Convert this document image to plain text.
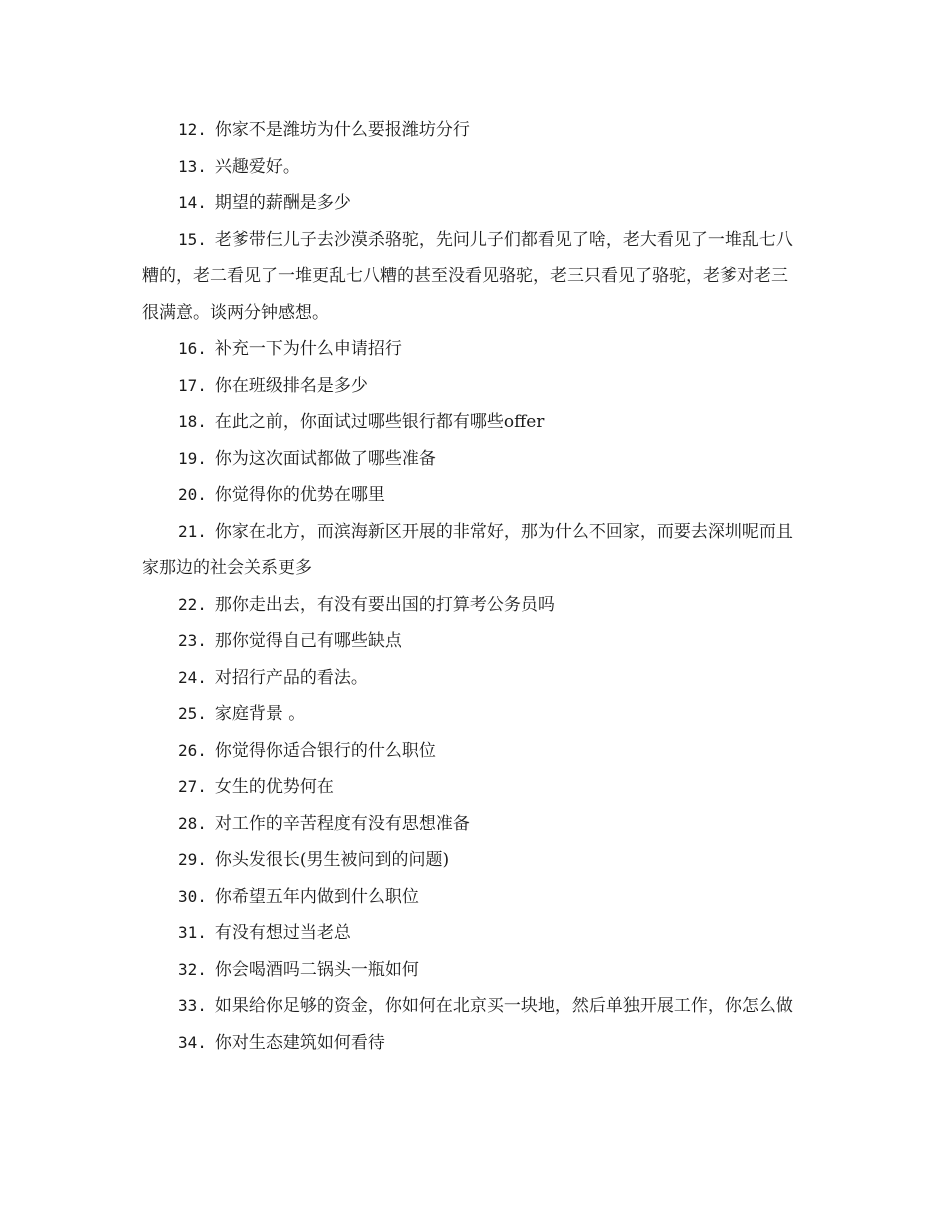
12. 你家不是潍坊为什么要报潍坊分行

13. 兴趣爱好。

14. 期望的薪酬是多少

15. 老爹带仨儿子去沙漠杀骆驼，先问儿子们都看见了啥，老大看见了一堆乱七八糟的，老二看见了一堆更乱七八糟的甚至没看见骆驼，老三只看见了骆驼，老爹对老三很满意。谈两分钟感想。

16. 补充一下为什么申请招行

17. 你在班级排名是多少

18. 在此之前，你面试过哪些银行都有哪些offer

19. 你为这次面试都做了哪些准备

20. 你觉得你的优势在哪里

21. 你家在北方，而滨海新区开展的非常好，那为什么不回家，而要去深圳呢而且家那边的社会关系更多

22. 那你走出去，有没有要出国的打算考公务员吗

23. 那你觉得自己有哪些缺点

24. 对招行产品的看法。

25. 家庭背景 。

26. 你觉得你适合银行的什么职位

27. 女生的优势何在

28. 对工作的辛苦程度有没有思想准备

29. 你头发很长(男生被问到的问题)

30. 你希望五年内做到什么职位

31. 有没有想过当老总

32. 你会喝酒吗二锅头一瓶如何

33. 如果给你足够的资金，你如何在北京买一块地，然后单独开展工作，你怎么做

34. 你对生态建筑如何看待
